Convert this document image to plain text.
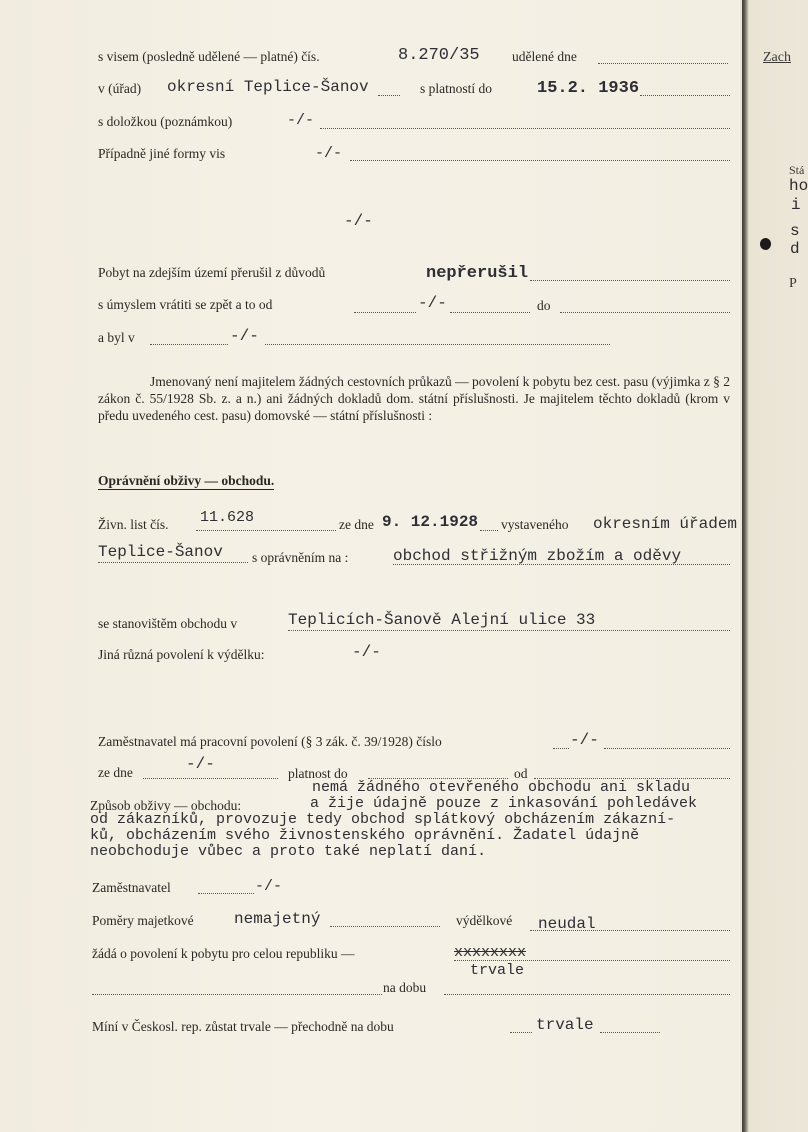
s visem (posledně udělené — platné) čís.	8.270/35 udělené dne
v (úřad) okresní Teplice-Šanov	s platností do	15.2. 1936
s doložkou (poznámkou)	-/-
Případně jiné formy vis	-/-
-/-
Pobyt na zdejším území přerušil z důvodů	nepřerušil
s úmyslem vrátiti se zpět a to od	-/-	do
a byl v	-/-
Jmenovaný není majitelem žádných cestovních průkazů — povolení k pobytu bez cest. pasu (výjimka z § 2 zákon č. 55/1928 Sb. z. a n.) ani žádných dokladů dom. státní příslušnosti. Je majitelem těchto dokladů (krom v předu uvedeného cest. pasu) domovské — státní příslušnosti :
Oprávnění obživy — obchodu.
Živn. list čís. 11.628	ze dne 9. 12.1928 vystaveného okresním úřadem
Teplice-Šanov s oprávněním na :	obchod střižným zbožím a oděvy
se stanovištěm obchodu v	Teplicích-Šanově Alejní ulice 33
Jiná různá povolení k výdělku:	-/-
Zaměstnavatel má pracovní povolení (§ 3 zák. č. 39/1928) číslo	-/-
ze dne	-/-
platnost do	od
nemá žádného otevřeného obchodu ani skladu
Způsob obživy — obchodu:	a žije údajně pouze z inkasování pohledávek
od zákazníků, provozuje tedy obchod splátkový obcházením zákazní-
ků, obcházením svého živnostenského oprávnění. Žadatel údajně
neobchoduje vůbec a proto také neplatí daní.
Zaměstnavatel	-/-
Poměry majetkové	nemajetný	výdělkové neudal
žádá o povolení k pobytu pro celou republiku —	xxxxxxxx
trvale
na dobu
Míní v Českosl. rep. zůstat trvale — přechodně na dobu	trvale
Zach
Stá
ho
i
s
d
P
